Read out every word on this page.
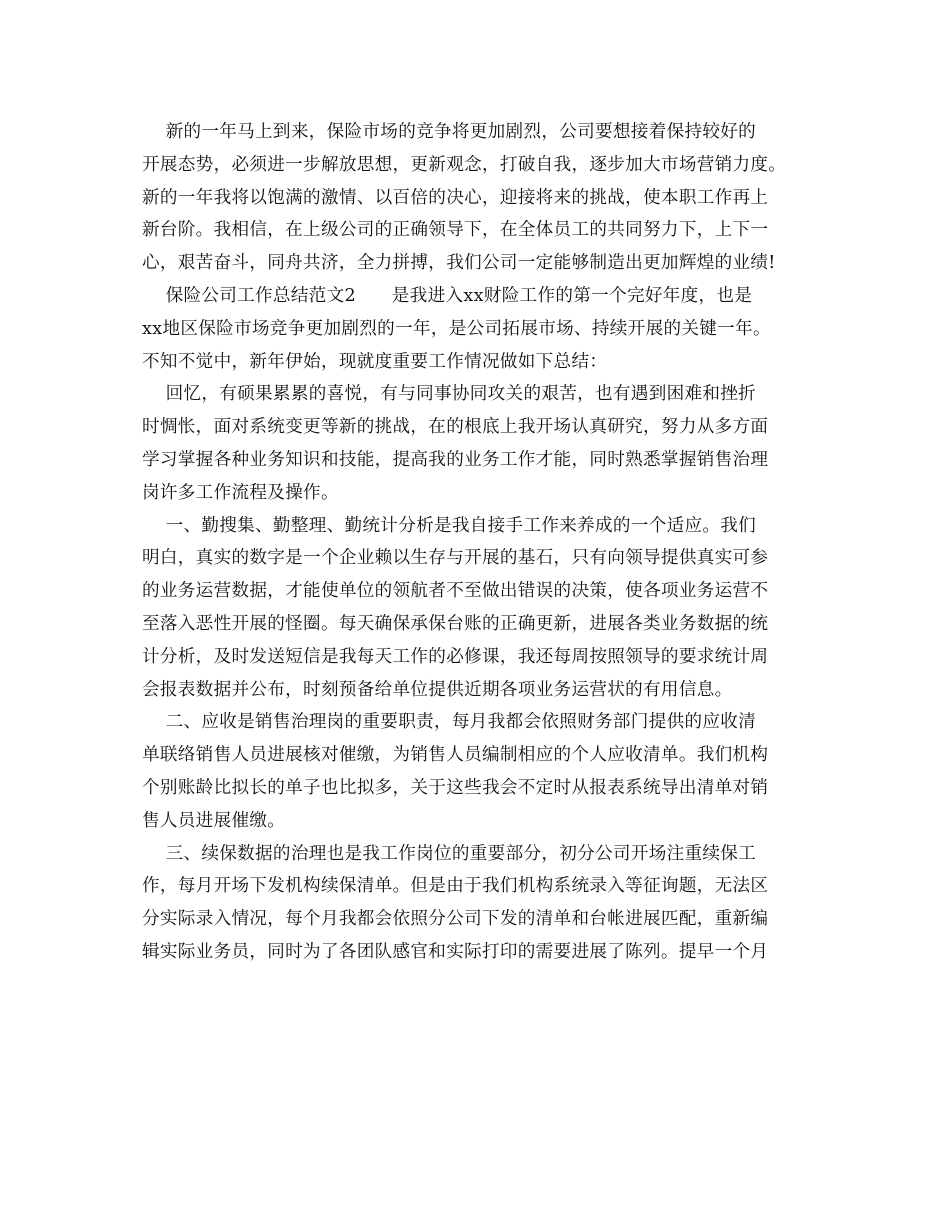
新的一年马上到来，保险市场的竞争将更加剧烈，公司要想接着保持较好的
开展态势，必须进一步解放思想，更新观念，打破自我，逐步加大市场营销力度。
新的一年我将以饱满的激情、以百倍的决心，迎接将来的挑战，使本职工作再上
新台阶。我相信，在上级公司的正确领导下，在全体员工的共同努力下，上下一
心，艰苦奋斗，同舟共济，全力拼搏，我们公司一定能够制造出更加辉煌的业绩!

保险公司工作总结范文2　　是我进入xx财险工作的第一个完好年度，也是
xx地区保险市场竞争更加剧烈的一年，是公司拓展市场、持续开展的关键一年。
不知不觉中，新年伊始，现就度重要工作情况做如下总结：

回忆，有硕果累累的喜悦，有与同事协同攻关的艰苦，也有遇到困难和挫折
时惆怅，面对系统变更等新的挑战，在的根底上我开场认真研究，努力从多方面
学习掌握各种业务知识和技能，提高我的业务工作才能，同时熟悉掌握销售治理
岗许多工作流程及操作。

一、勤搜集、勤整理、勤统计分析是我自接手工作来养成的一个适应。我们
明白，真实的数字是一个企业赖以生存与开展的基石，只有向领导提供真实可参
的业务运营数据，才能使单位的领航者不至做出错误的决策，使各项业务运营不
至落入恶性开展的怪圈。每天确保承保台账的正确更新，进展各类业务数据的统
计分析，及时发送短信是我每天工作的必修课，我还每周按照领导的要求统计周
会报表数据并公布，时刻预备给单位提供近期各项业务运营状的有用信息。

二、应收是销售治理岗的重要职责，每月我都会依照财务部门提供的应收清
单联络销售人员进展核对催缴，为销售人员编制相应的个人应收清单。我们机构
个别账龄比拟长的单子也比拟多，关于这些我会不定时从报表系统导出清单对销
售人员进展催缴。

三、续保数据的治理也是我工作岗位的重要部分，初分公司开场注重续保工
作，每月开场下发机构续保清单。但是由于我们机构系统录入等征询题，无法区
分实际录入情况，每个月我都会依照分公司下发的清单和台帐进展匹配，重新编
辑实际业务员，同时为了各团队感官和实际打印的需要进展了陈列。提早一个月
